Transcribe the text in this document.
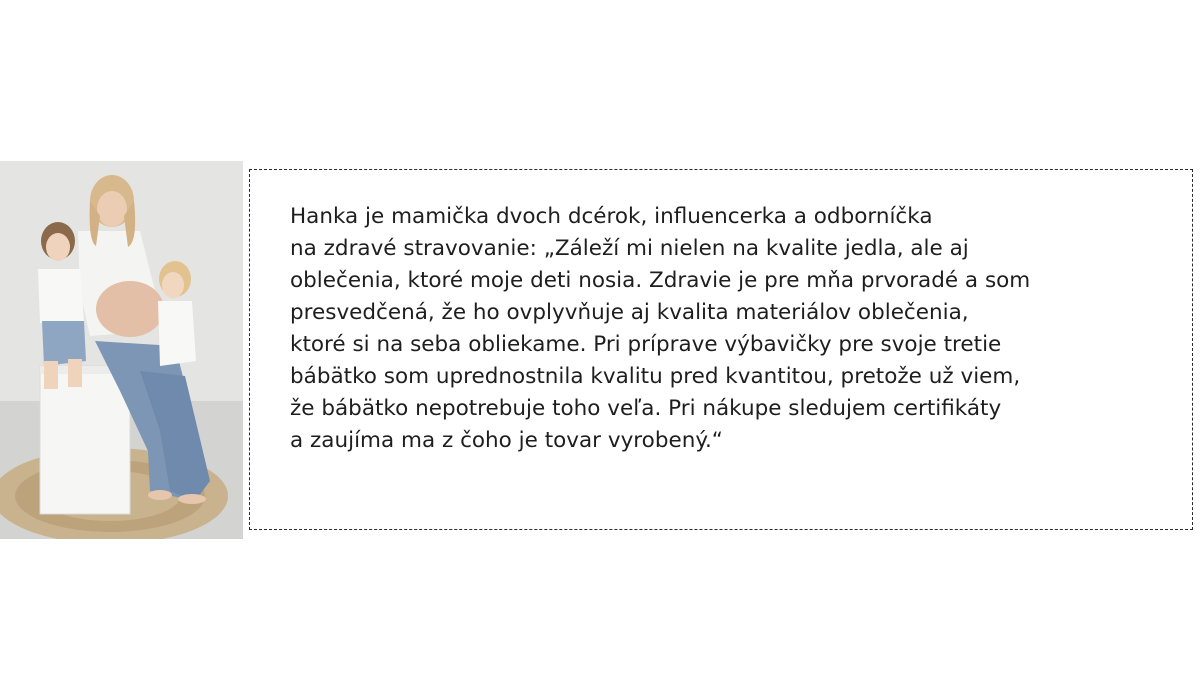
Hanka je mamička dvoch dcérok, influencerka a odborníčka
na zdravé stravovanie: „Záleží mi nielen na kvalite jedla, ale aj
oblečenia, ktoré moje deti nosia. Zdravie je pre mňa prvoradé a som
presvedčená, že ho ovplyvňuje aj kvalita materiálov oblečenia,
ktoré si na seba obliekame. Pri príprave výbavičky pre svoje tretie
bábätko som uprednostnila kvalitu pred kvantitou, pretože už viem,
že bábätko nepotrebuje toho veľa. Pri nákupe sledujem certifikáty
a zaujíma ma z čoho je tovar vyrobený.“
